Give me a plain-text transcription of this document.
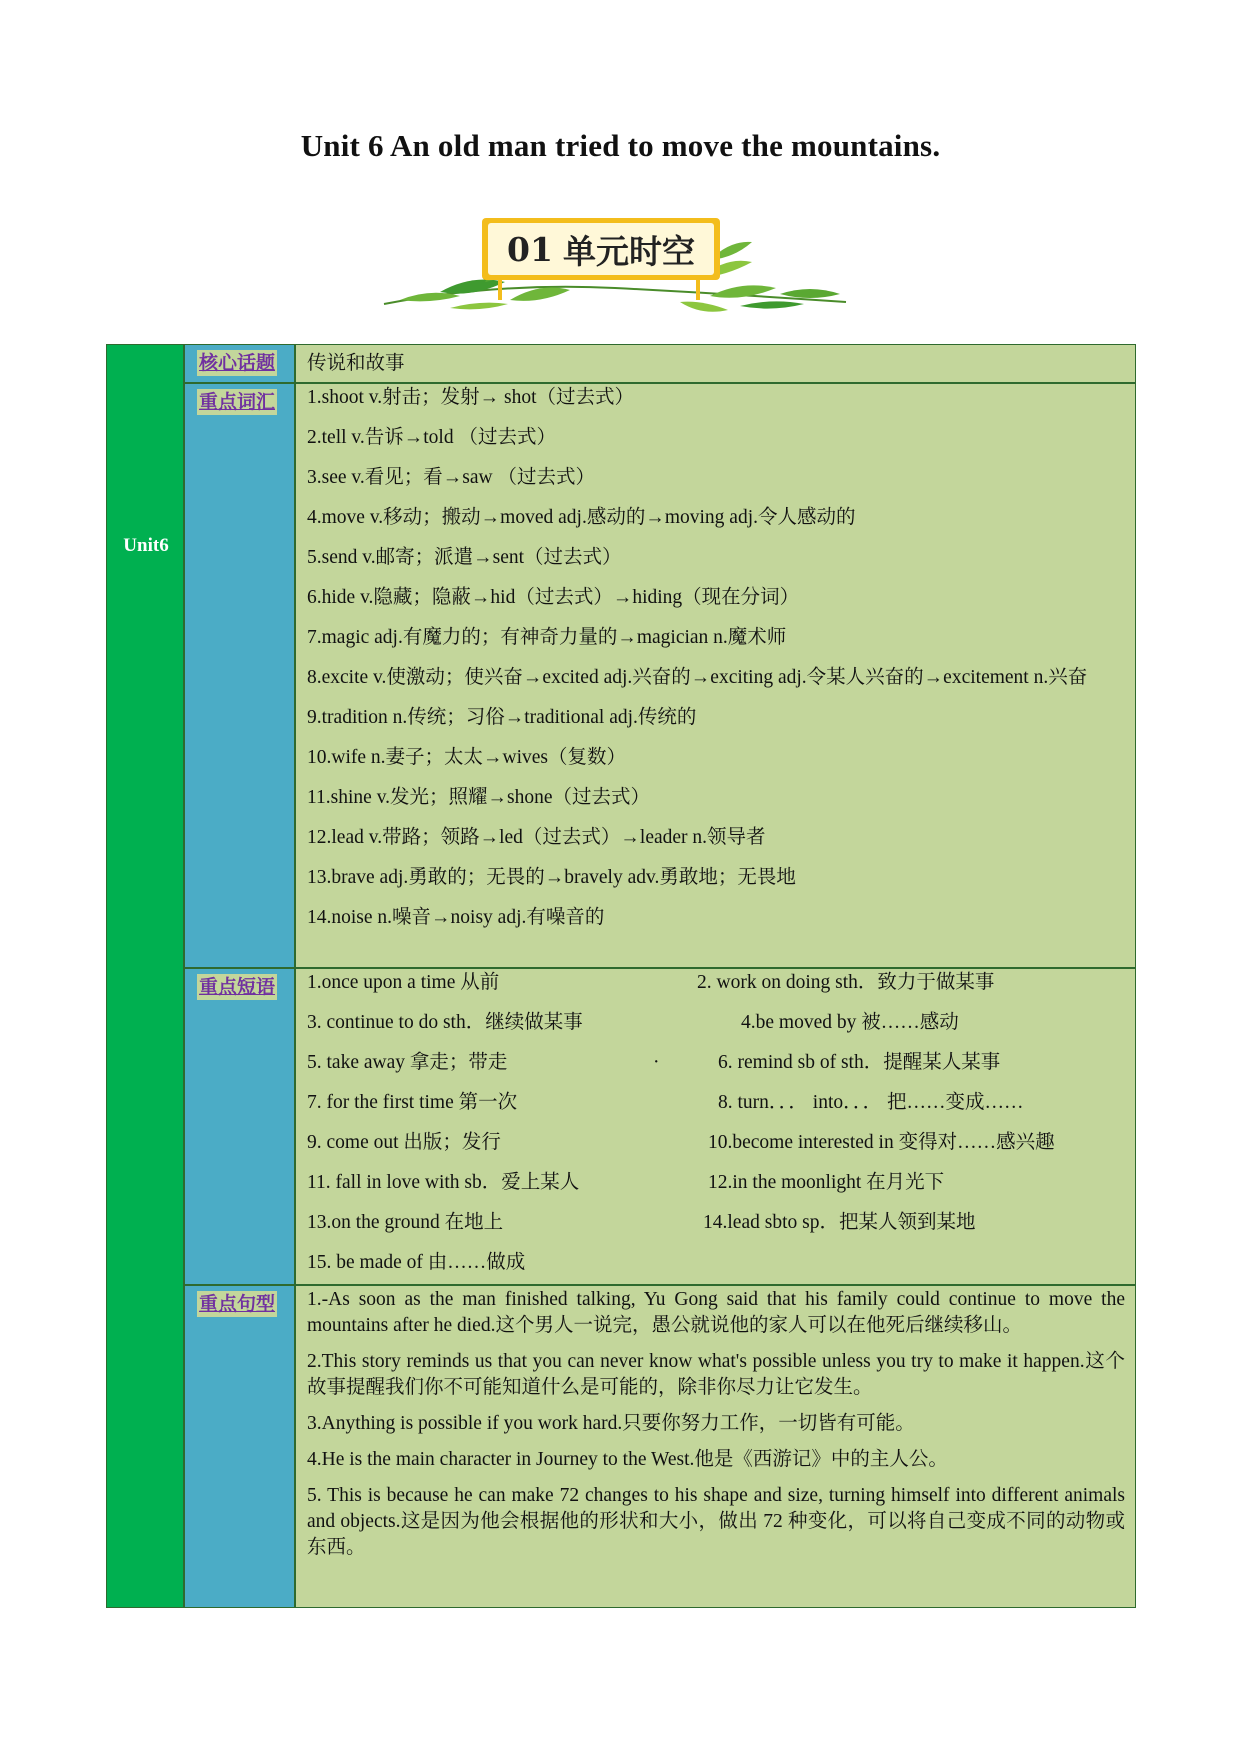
Unit 6 An old man tried to move the mountains.
01 单元时空
Unit6
核心话题 传说和故事
重点词汇 1.shoot v.射击；发射→ shot（过去式）

2.tell v.告诉→told （过去式）

3.see v.看见；看→saw （过去式）

4.move v.移动；搬动→moved adj.感动的→moving adj.令人感动的

5.send v.邮寄；派遣→sent（过去式）

6.hide v.隐藏；隐蔽→hid（过去式）→hiding（现在分词）

7.magic adj.有魔力的；有神奇力量的→magician n.魔术师

8.excite v.使激动；使兴奋→excited adj.兴奋的→exciting adj.令某人兴奋的→excitement n.兴奋

9.tradition n.传统；习俗→traditional adj.传统的

10.wife n.妻子；太太→wives（复数）

11.shine v.发光；照耀→shone（过去式）

12.lead v.带路；领路→led（过去式）→leader n.领导者

13.brave adj.勇敢的；无畏的→bravely adv.勇敢地；无畏地

14.noise n.噪音→noisy adj.有噪音的

重点短语 1.once upon a time 从前	2. work on doing sth．致力于做某事
3. continue to do sth．继续做某事	4.be moved by 被……感动
5. take away 拿走；带走	·	6. remind sb of sth．提醒某人某事
7. for the first time 第一次	8. turn．．． into．．． 把……变成……
9. come out 出版；发行	10.become interested in 变得对……感兴趣
11. fall in love with sb．爱上某人	12.in the moonlight 在月光下
13.on the ground 在地上	14.lead sbto sp．把某人领到某地
15. be made of 由……做成
重点句型 1.-As soon as the man finished talking, Yu Gong said that his family could continue to move the mountains after he died.这个男人一说完，愚公就说他的家人可以在他死后继续移山。

2.This story reminds us that you can never know what's possible unless you try to make it happen.这个故事提醒我们你不可能知道什么是可能的，除非你尽力让它发生。

3.Anything is possible if you work hard.只要你努力工作，一切皆有可能。

4.He is the main character in Journey to the West.他是《西游记》中的主人公。

5. This is because he can make 72 changes to his shape and size, turning himself into different animals and objects.这是因为他会根据他的形状和大小，做出 72 种变化，可以将自己变成不同的动物或东西。
